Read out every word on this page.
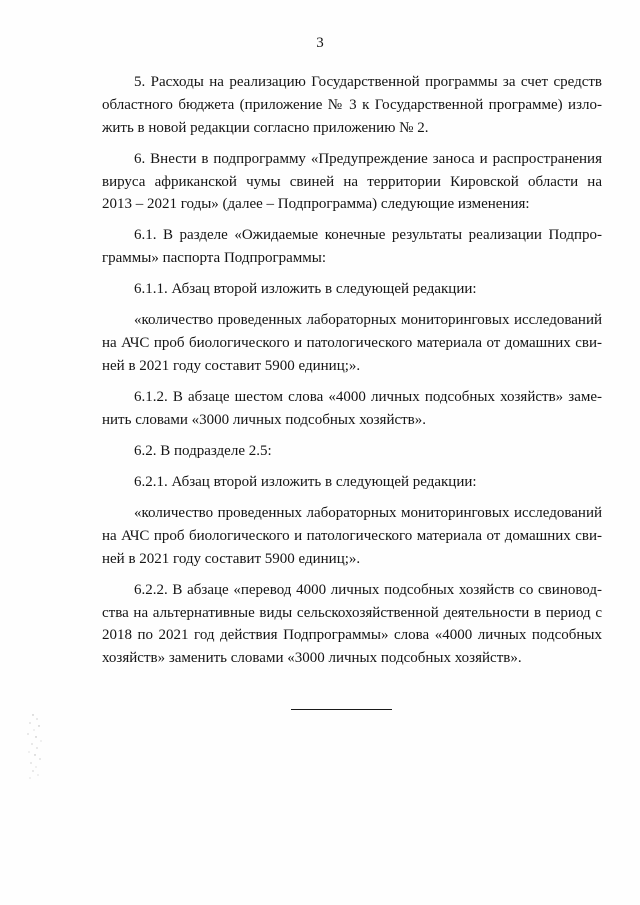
3
5. Расходы на реализацию Государственной программы за счет средств
областного бюджета (приложение № 3 к Государственной программе) изло-
жить в новой редакции согласно приложению № 2.
6. Внести в подпрограмму «Предупреждение заноса и распространения
вируса африканской чумы свиней на территории Кировской области на
2013 – 2021 годы» (далее – Подпрограмма) следующие изменения:
6.1. В разделе «Ожидаемые конечные результаты реализации Подпро-
граммы» паспорта Подпрограммы:
6.1.1. Абзац второй изложить в следующей редакции:
«количество проведенных лабораторных мониторинговых исследований
на АЧС проб биологического и патологического материала от домашних сви-
ней в 2021 году составит 5900 единиц;».
6.1.2. В абзаце шестом слова «4000 личных подсобных хозяйств» заме-
нить словами «3000 личных подсобных хозяйств».
6.2. В подразделе 2.5:
6.2.1. Абзац второй изложить в следующей редакции:
«количество проведенных лабораторных мониторинговых исследований
на АЧС проб биологического и патологического материала от домашних сви-
ней в 2021 году составит 5900 единиц;».
6.2.2. В абзаце «перевод 4000 личных подсобных хозяйств со свиновод-
ства на альтернативные виды сельскохозяйственной деятельности в период с
2018 по 2021 год действия Подпрограммы» слова «4000 личных подсобных
хозяйств» заменить словами «3000 личных подсобных хозяйств».
